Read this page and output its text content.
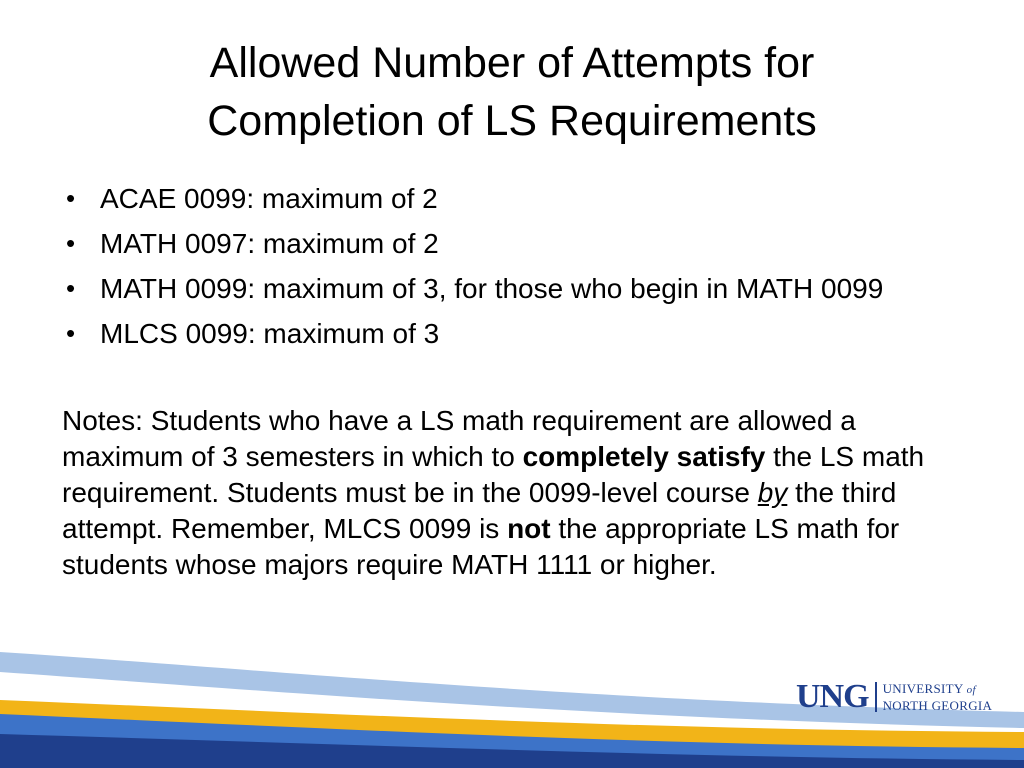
Allowed Number of Attempts for
Completion of LS Requirements
• ACAE 0099: maximum of 2
• MATH 0097: maximum of 2
• MATH 0099: maximum of 3, for those who begin in MATH 0099
• MLCS 0099: maximum of 3

Notes: Students who have a LS math requirement are allowed a maximum of 3 semesters in which to completely satisfy the LS math requirement. Students must be in the 0099-level course by the third attempt. Remember, MLCS 0099 is not the appropriate LS math for students whose majors require MATH 1111 or higher.

UNG UNIVERSITY of
NORTH GEORGIA
